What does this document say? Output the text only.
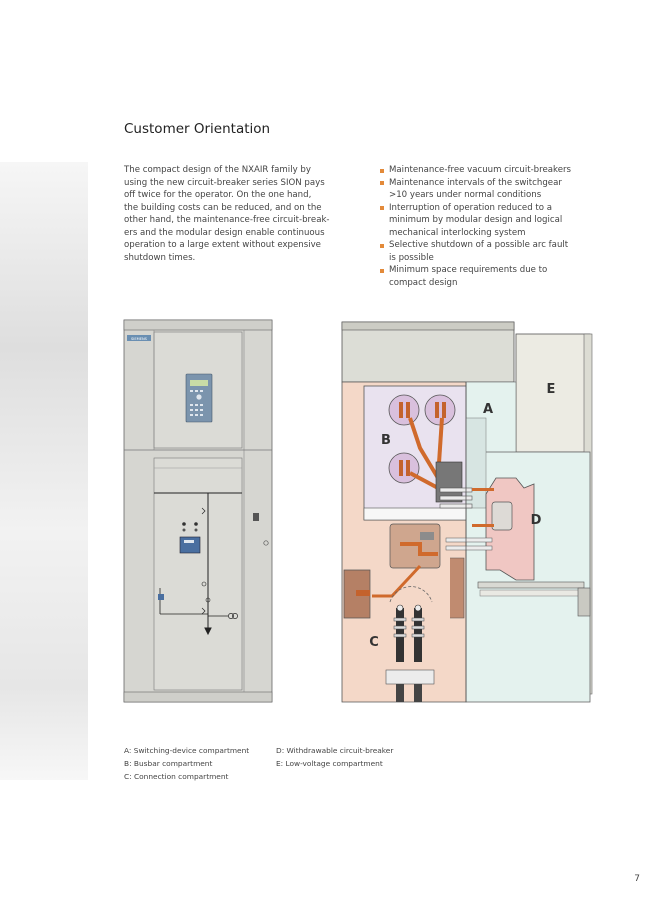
Customer Orientation

The compact design of the NXAIR family by
using the new circuit-breaker series SION pays
off twice for the operator. On the one hand,
the building costs can be reduced, and on the
other hand, the maintenance-free circuit-break-
ers and the modular design enable continuous
operation to a large extent without expensive
shutdown times.

Maintenance-free vacuum circuit-breakers
Maintenance intervals of the switchgear
>10 years under normal conditions
Interruption of operation reduced to a
minimum by modular design and logical
mechanical interlocking system
Selective shutdown of a possible arc fault
is possible
Minimum space requirements due to
compact design
SIEMENS
A
B
C
D
E
A: Switching-device compartment
B: Busbar compartment
C: Connection compartment
D: Withdrawable circuit-breaker
E: Low-voltage compartment
7
